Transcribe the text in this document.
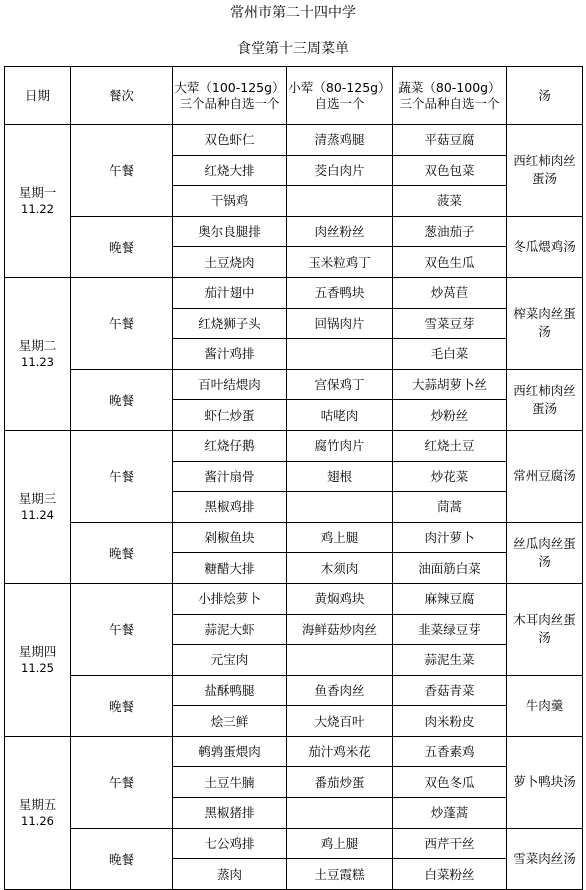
常州市第二十四中学
食堂第十三周菜单
日期	餐次	大荤（100-125g）三个品种自选一个	小荤（80-125g）自选一个	蔬菜（80-100g）三个品种自选一个	汤

星期一
11.22	午餐	双色虾仁	清蒸鸡腿	平菇豆腐	西红柿肉丝蛋汤

		红烧大排	茭白肉片	双色包菜	
		干锅鸡		菠菜	
	晚餐	奥尔良腿排	肉丝粉丝	葱油茄子	冬瓜煨鸡汤

		土豆烧肉	玉米粒鸡丁	双色生瓜	

星期二
11.23	午餐	茄汁翅中	五香鸭块	炒莴苣	榨菜肉丝蛋汤

		红烧狮子头	回锅肉片	雪菜豆芽	
		酱汁鸡排		毛白菜	
	晚餐	百叶结煨肉	宫保鸡丁	大蒜胡萝卜丝	西红柿肉丝蛋汤

		虾仁炒蛋	咕咾肉	炒粉丝	

星期三
11.24	午餐	红烧仔鹅	腐竹肉片	红烧土豆	常州豆腐汤

		酱汁扇骨	翅根	炒花菜	
		黑椒鸡排		茼蒿	
	晚餐	剁椒鱼块	鸡上腿	肉汁萝卜	丝瓜肉丝蛋汤

		糖醋大排	木须肉	油面筋白菜	

星期四
11.25	午餐	小排烩萝卜	黄焖鸡块	麻辣豆腐	木耳肉丝蛋汤

		蒜泥大虾	海鲜菇炒肉丝	韭菜绿豆芽	
		元宝肉		蒜泥生菜	
	晚餐	盐酥鸭腿	鱼香肉丝	香菇青菜	牛肉羹

		烩三鲜	大烧百叶	肉米粉皮	

星期五
11.26	午餐	鹌鹑蛋煨肉	茄汁鸡米花	五香素鸡	萝卜鸭块汤

		土豆牛腩	番茄炒蛋	双色冬瓜	
		黑椒猪排		炒蓬蒿	
	晚餐	七公鸡排	鸡上腿	西芹干丝	雪菜肉丝汤

		蒸肉	土豆霞糕	白菜粉丝	
